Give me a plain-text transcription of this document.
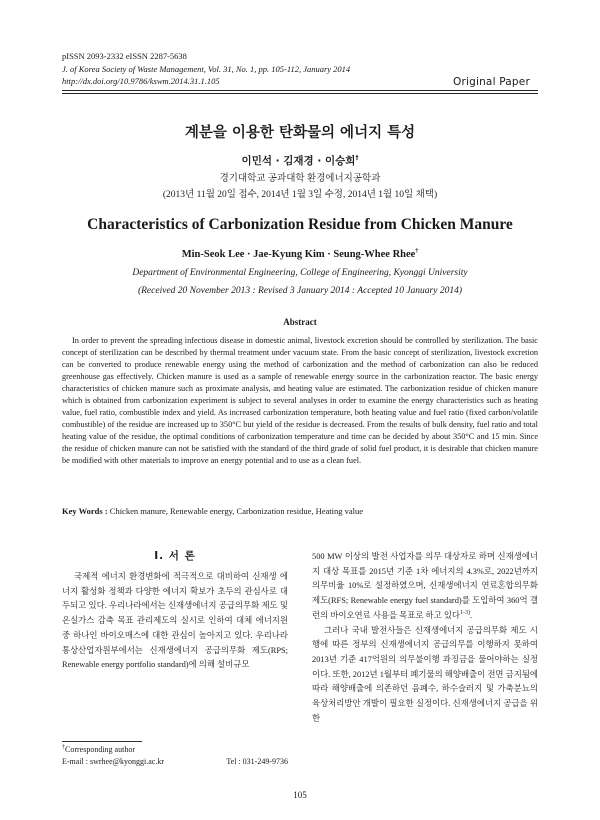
pISSN 2093-2332 eISSN 2287-5638
J. of Korea Society of Waste Management, Vol. 31, No. 1, pp. 105-112, January 2014
http://dx.doi.org/10.9786/kswm.2014.31.1.105	Original Paper
계분을 이용한 탄화물의 에너지 특성
이민석 · 김재경 · 이승희†
경기대학교 공과대학 환경에너지공학과
(2013년 11월 20일 접수, 2014년 1월 3일 수정, 2014년 1월 10일 채택)
Characteristics of Carbonization Residue from Chicken Manure
Min-Seok Lee · Jae-Kyung Kim · Seung-Whee Rhee†
Department of Environmental Engineering, College of Engineering, Kyonggi University
(Received 20 November 2013 : Revised 3 January 2014 : Accepted 10 January 2014)
Abstract

In order to prevent the spreading infectious disease in domestic animal, livestock excretion should be controlled by sterilization. The basic concept of sterilization can be described by thermal treatment under vacuum state. From the basic concept of sterilization, livestock excretion can be converted to produce renewable energy using the method of carbonization and the method of carbonization can also be reduced greenhouse gas effectively. Chicken manure is used as a sample of renewable energy source in the carbonization reactor. The basic energy characteristics of chicken manure such as proximate analysis, and heating value are estimated. The carbonization residue of chicken manure which is obtained from carbonization experiment is subject to several analyses in order to examine the energy characteristics such as heating value, fuel ratio, combustible index and yield. As increased carbonization temperature, both heating value and fuel ratio (fixed carbon/volatile combustible) of the residue are increased up to 350°C but yield of the residue is decreased. From the results of bulk density, fuel ratio and total heating value of the residue, the optimal conditions of carbonization temperature and time can be decided by about 350°C and 15 min. Since the residue of chicken manure can not be satisfied with the standard of the third grade of solid fuel product, it is desirable that chicken manure be modified with other materials to improve an energy potential and to use as a clean fuel.

Key Words : Chicken manure, Renewable energy, Carbonization residue, Heating value
I. 서 론

국제적 에너지 환경변화에 적극적으로 대비하여 신재생 에너지 활성화 정책과 다양한 에너지 확보가 초두의 관심사로 대두되고 있다. 우리나라에서는 신재생에너지 공급의무화 제도 및 온실가스 감축 목표 관리제도의 실시로 인하여 대체 에너지원 중 하나인 바이오매스에 대한 관심이 높아지고 있다. 우리나라 통상산업자원부에서는 신재생에너지 공급의무화 제도(RPS; Renewable energy portfolio standard)에 의해 설비규모

500 MW 이상의 발전 사업자를 의무 대상자로 하며 신재생에너지 대상 목표를 2015년 기준 1차 에너지의 4.3%로, 2022년까지 의무비율 10%로 설정하였으며, 신재생에너지 연료혼합의무화 제도(RFS; Renewable energy fuel standard)를 도입하여 360억 갤런의 바이오연료 사용을 목표로 하고 있다$^{1-3)}$.

그러나 국내 발전사들은 신재생에너지 공급의무화 제도 시행에 따른 정부의 신재생에너지 공급의무를 이행하지 못하여 2013년 기준 417억원의 의무불이행 과징금을 물어야하는 실정이다. 또한, 2012년 1월부터 폐기물의 해양배출이 전면 금지됨에 따라 해양배출에 의존하던 음폐수, 하수슬러지 및 가축분뇨의 육상처리방안 개발이 필요한 실정이다. 신재생에너지 공급을 위한

†Corresponding author
E-mail : swrhee@kyonggi.ac.kr	Tel : 031-249-9736
105
